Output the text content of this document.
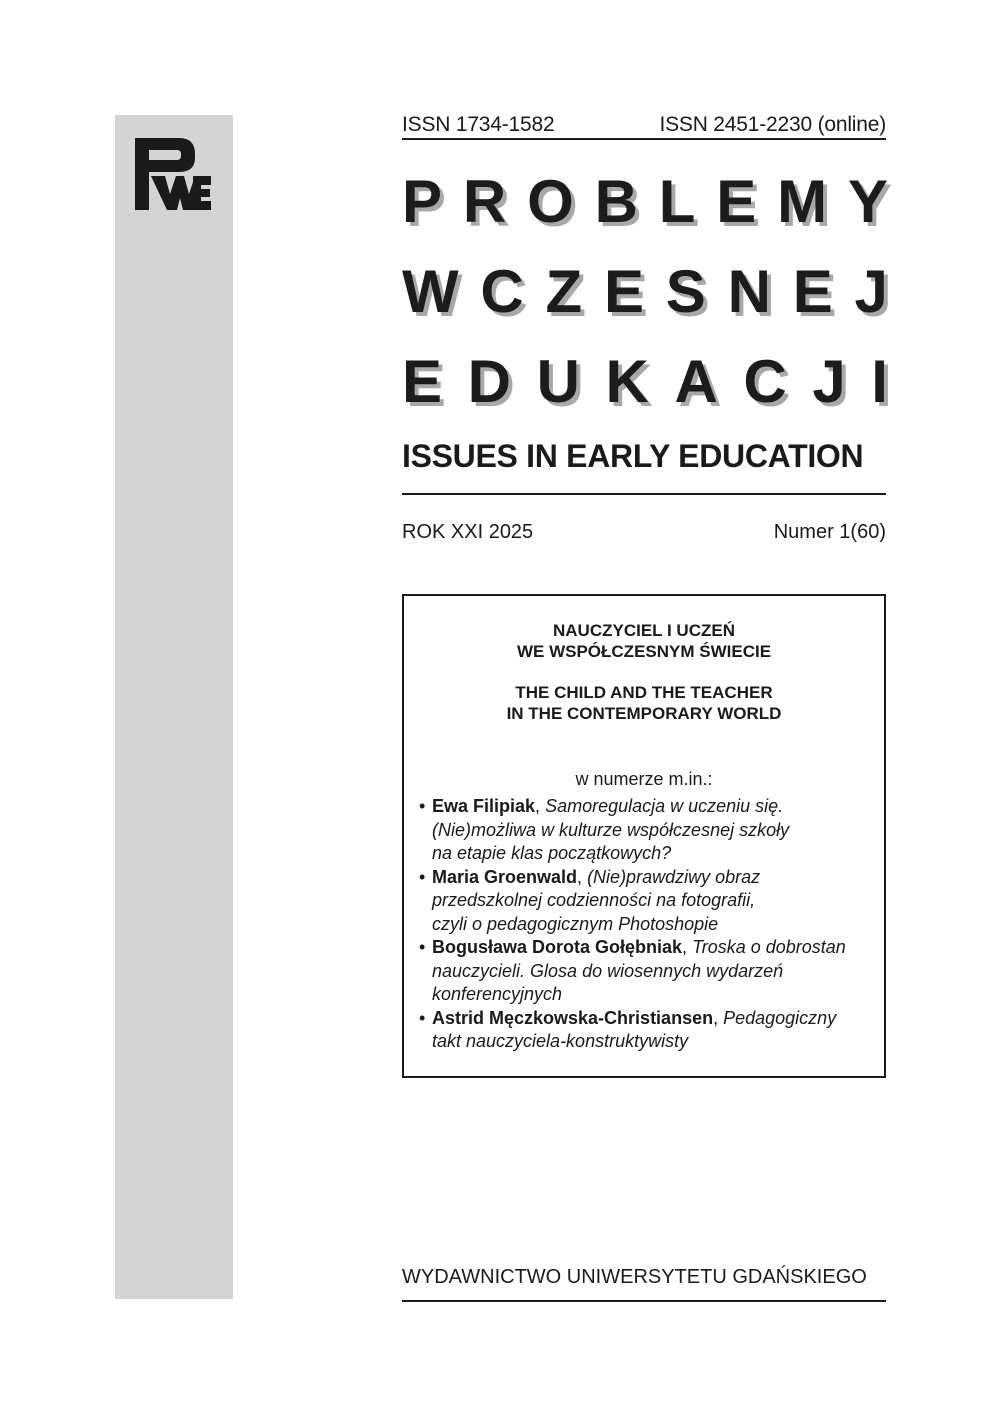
ISSN 1734-1582	ISSN 2451-2230 (online)
P R O B L E M Y
W C Z E S N E J
E D U K A C J I
ISSUES IN EARLY EDUCATION
ROK XXI 2025	Numer 1(60)
NAUCZYCIEL I UCZEŃ
WE WSPÓŁCZESNYM ŚWIECIE
THE CHILD AND THE TEACHER
IN THE CONTEMPORARY WORLD
w numerze m.in.:
• Ewa Filipiak, Samoregulacja w uczeniu się.
(Nie)możliwa w kulturze współczesnej szkoły
na etapie klas początkowych?
• Maria Groenwald, (Nie)prawdziwy obraz
przedszkolnej codzienności na fotografii,
czyli o pedagogicznym Photoshopie
• Bogusława Dorota Gołębniak, Troska o dobrostan
nauczycieli. Glosa do wiosennych wydarzeń
konferencyjnych
• Astrid Męczkowska-Christiansen, Pedagogiczny
takt nauczyciela-konstruktywisty
WYDAWNICTWO UNIWERSYTETU GDAŃSKIEGO
